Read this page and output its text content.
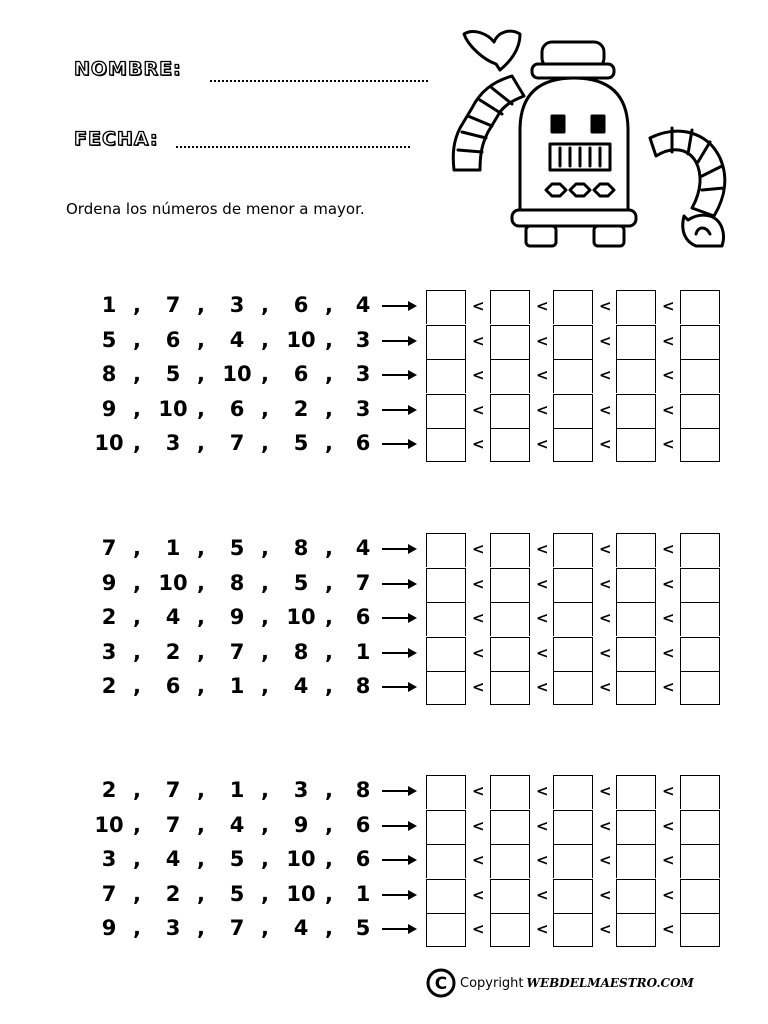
NOMBRE:
FECHA:
Ordena los números de menor a mayor.
1 ,	7 ,	3 ,	6 ,	4	<	<	<	<
5 ,	6 ,	4 , 10 ,	3	<	<	<	<
8 ,	5 , 10 ,	6 ,	3	<	<	<	<
9 , 10 ,	6 ,	2 ,	3	<	<	<	<
10 ,	3 ,	7 ,	5 ,	6	<	<	<	<
7 ,	1 ,	5 ,	8 ,	4	<	<	<	<
9 , 10 ,	8 ,	5 ,	7	<	<	<	<
2 ,	4 ,	9 , 10 ,	6	<	<	<	<
3 ,	2 ,	7 ,	8 ,	1	<	<	<	<
2 ,	6 ,	1 ,	4 ,	8	<	<	<	<
2 ,	7 ,	1 ,	3 ,	8	<	<	<	<
10 ,	7 ,	4 ,	9 ,	6	<	<	<	<
3 ,	4 ,	5 , 10 ,	6	<	<	<	<
7 ,	2 ,	5 , 10 ,	1	<	<	<	<
9 ,	3 ,	7 ,	4 ,	5	<	<	<	<
C Copyright WEBDELMAESTRO.COM
